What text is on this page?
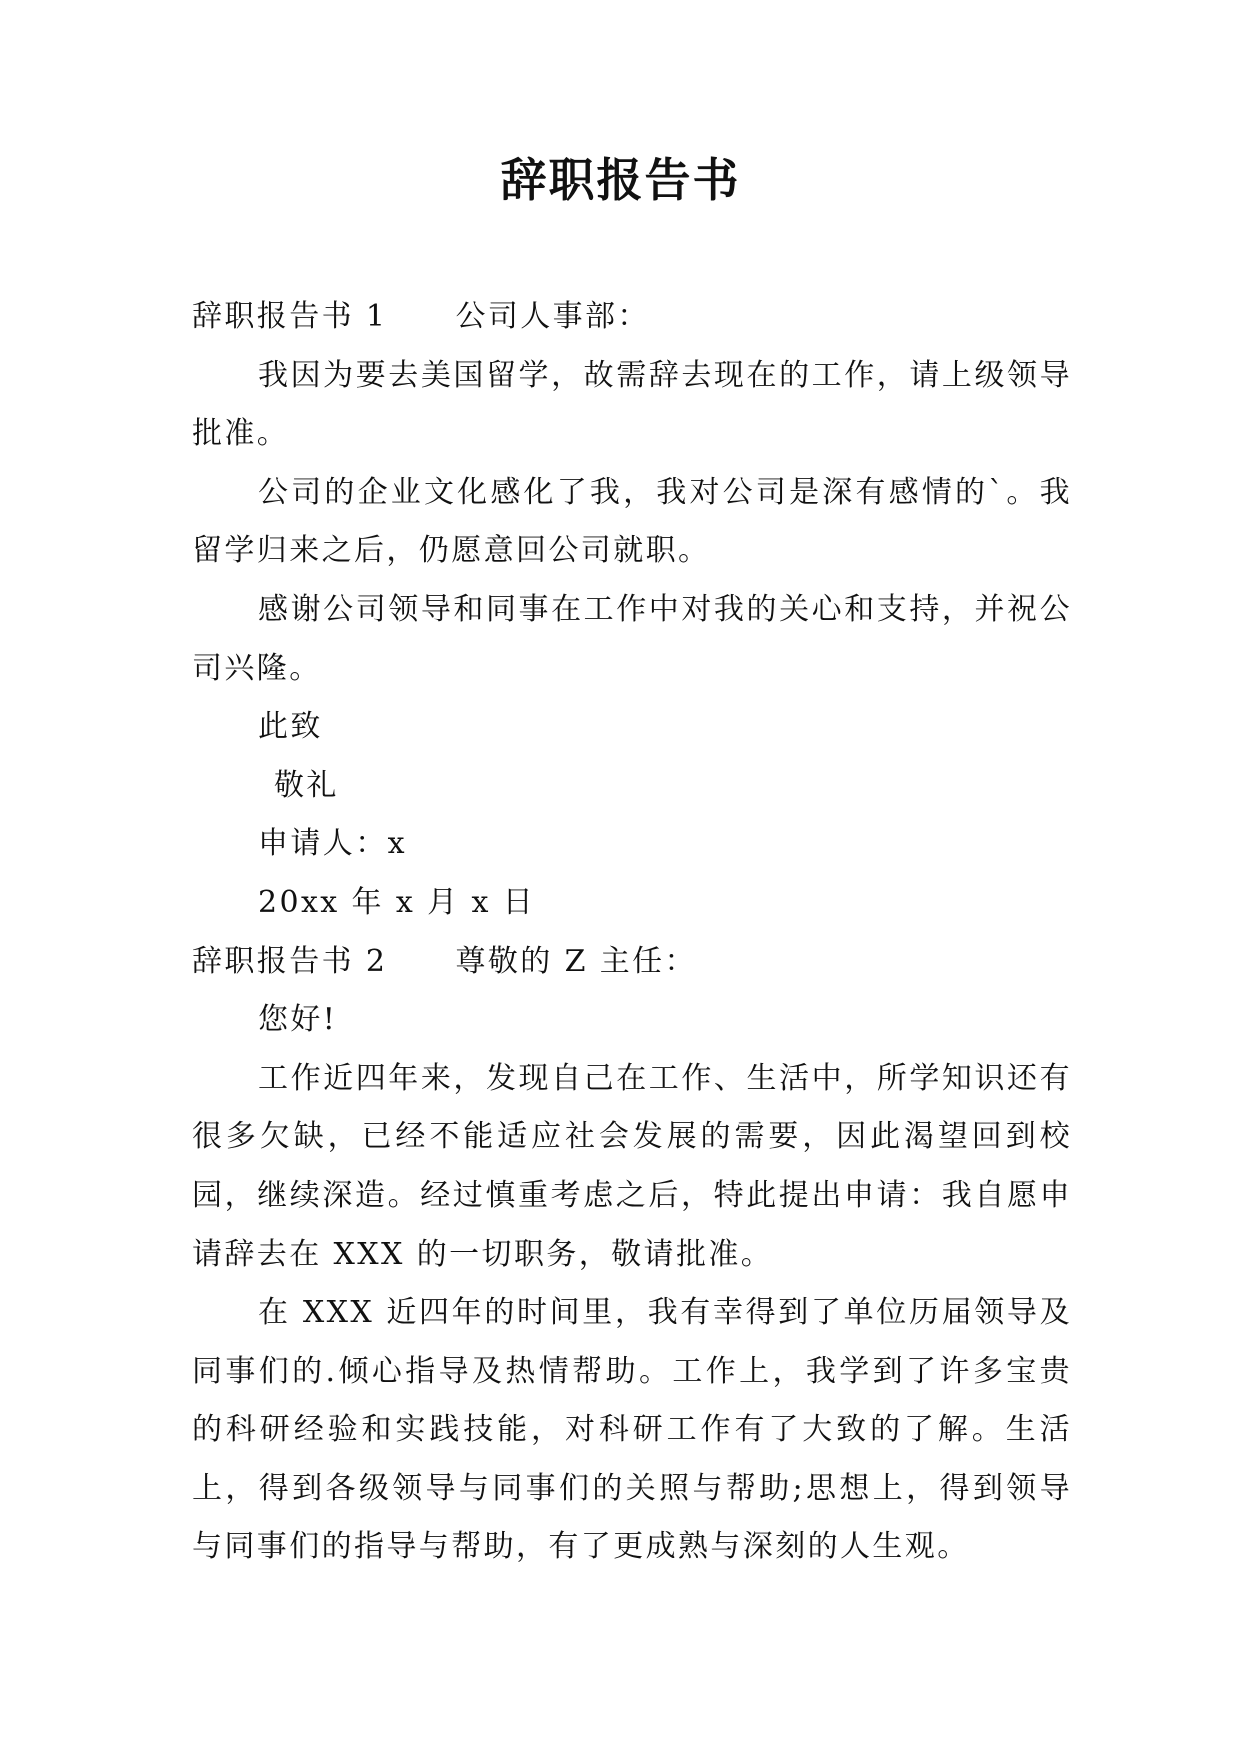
辞职报告书

辞职报告书 1 公司人事部：

我因为要去美国留学，故需辞去现在的工作，请上级领导批准。

公司的企业文化感化了我，我对公司是深有感情的`。我留学归来之后，仍愿意回公司就职。

感谢公司领导和同事在工作中对我的关心和支持，并祝公司兴隆。

此致

敬礼

申请人：x

20xx 年 x 月 x 日

辞职报告书 2 尊敬的 Z 主任：

您好!

工作近四年来，发现自己在工作、生活中，所学知识还有很多欠缺，已经不能适应社会发展的需要，因此渴望回到校园，继续深造。经过慎重考虑之后，特此提出申请：我自愿申请辞去在 XXX 的一切职务，敬请批准。

在 XXX 近四年的时间里，我有幸得到了单位历届领导及同事们的.倾心指导及热情帮助。工作上，我学到了许多宝贵的科研经验和实践技能，对科研工作有了大致的了解。生活上，得到各级领导与同事们的关照与帮助;思想上，得到领导与同事们的指导与帮助，有了更成熟与深刻的人生观。
